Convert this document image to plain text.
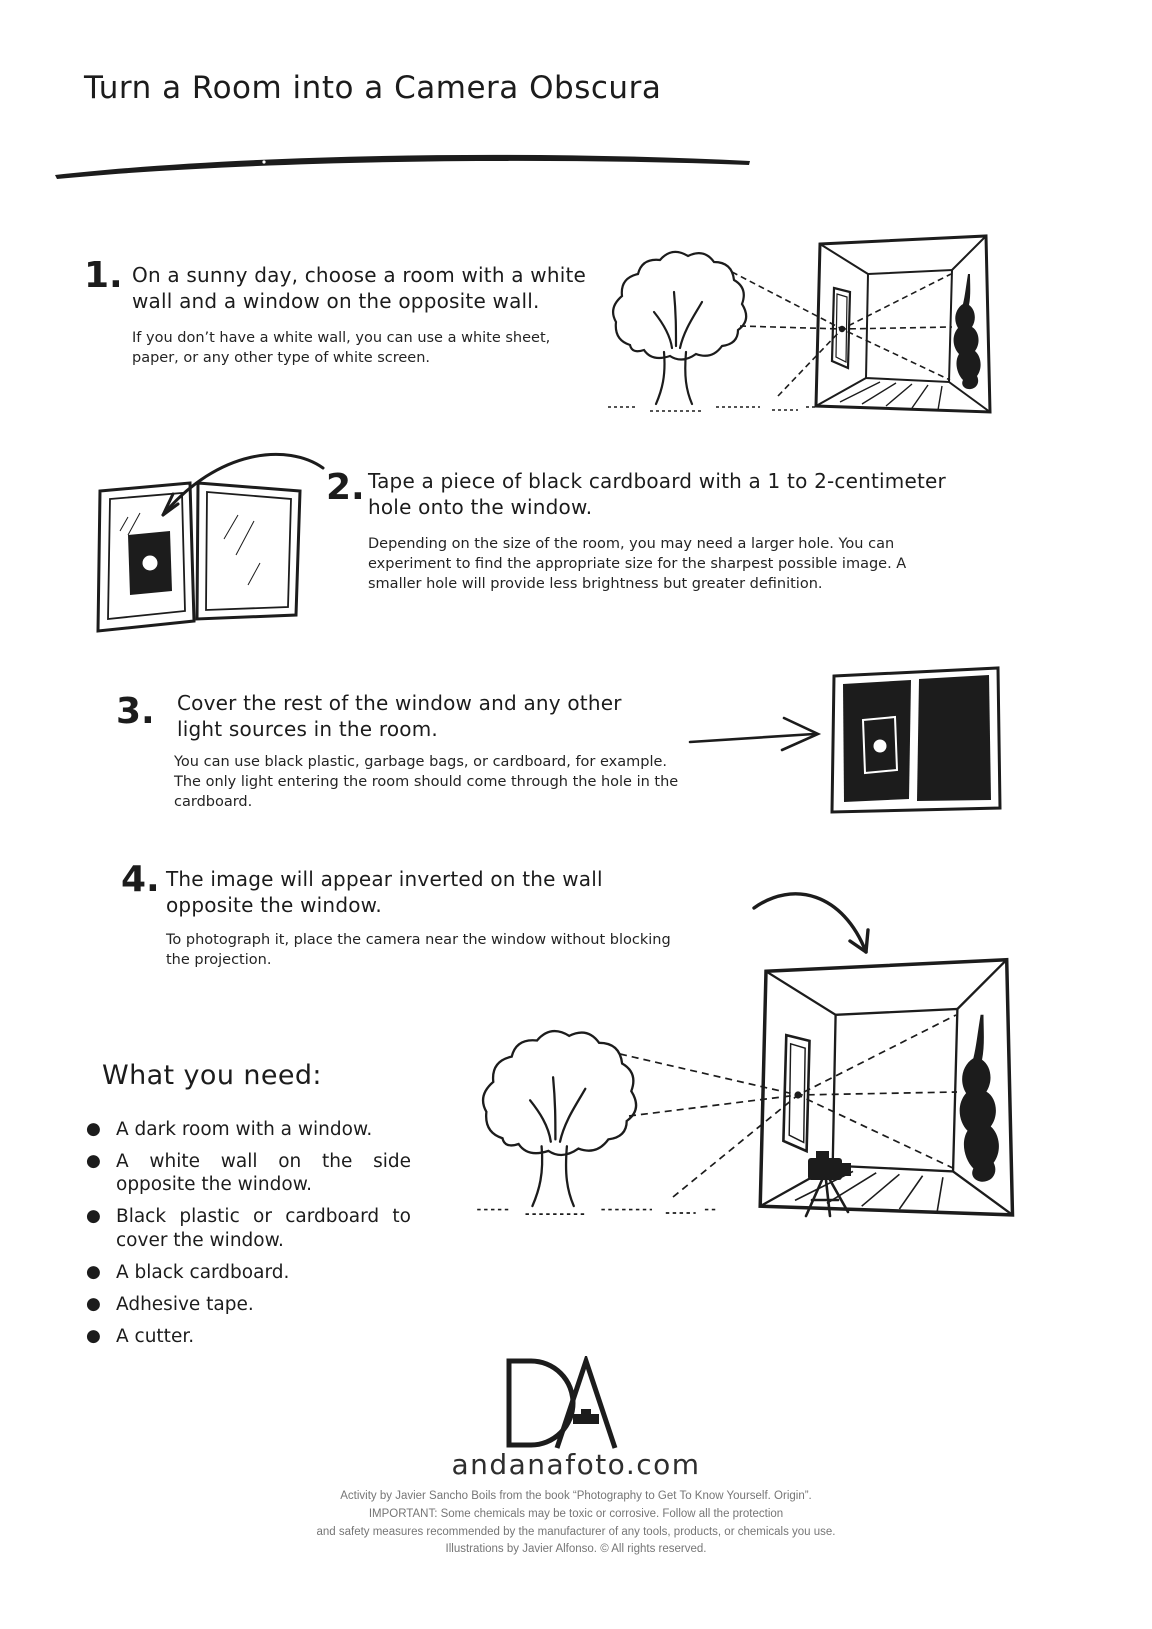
Turn a Room into a Camera Obscura
1. On a sunny day, choose a room with a white wall and a window on the opposite wall.
If you don’t have a white wall, you can use a white sheet, paper, or any other type of white screen.
2. Tape a piece of black cardboard with a 1 to 2-centimeter hole onto the window.
Depending on the size of the room, you may need a larger hole. You can experiment to find the appropriate size for the sharpest possible image. A smaller hole will provide less brightness but greater definition.
3. Cover the rest of the window and any other light sources in the room.
You can use black plastic, garbage bags, or cardboard, for example. The only light entering the room should come through the hole in the cardboard.
4. The image will appear inverted on the wall opposite the window.
To photograph it, place the camera near the window without blocking the projection.
What you need:
● A dark room with a window.
● A white wall on the side opposite the window.
● Black plastic or cardboard to cover the window.
● A black cardboard.
● Adhesive tape.
● A cutter.
andanafoto.com
Activity by Javier Sancho Boils from the book “Photography to Get To Know Yourself. Origin”.
IMPORTANT: Some chemicals may be toxic or corrosive. Follow all the protection
and safety measures recommended by the manufacturer of any tools, products, or chemicals you use.
Illustrations by Javier Alfonso. © All rights reserved.
